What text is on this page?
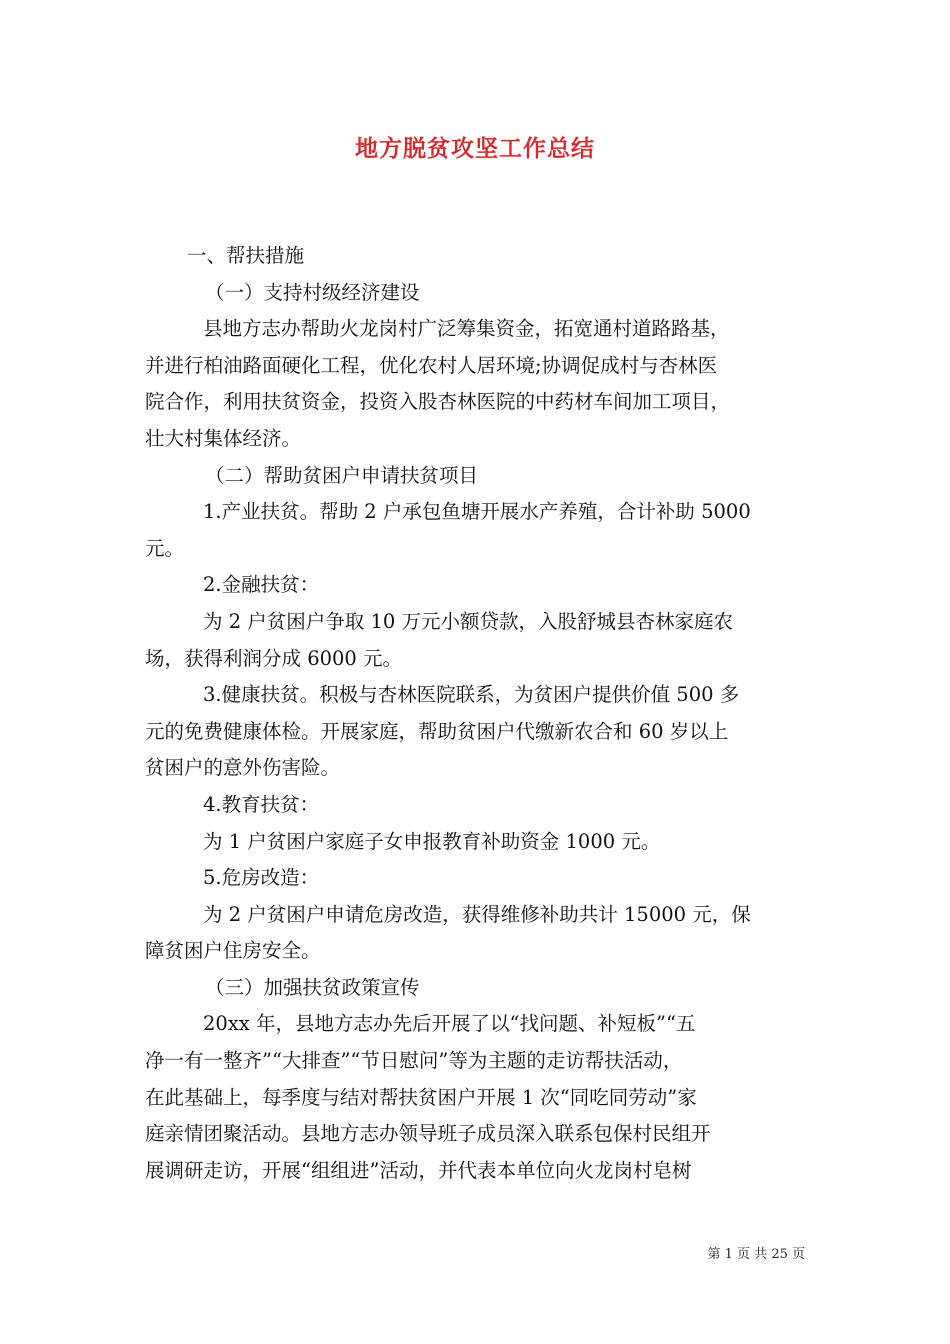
地方脱贫攻坚工作总结
一、帮扶措施
（一）支持村级经济建设
县地方志办帮助火龙岗村广泛筹集资金，拓宽通村道路路基，
并进行柏油路面硬化工程，优化农村人居环境;协调促成村与杏林医
院合作，利用扶贫资金，投资入股杏林医院的中药材车间加工项目，
壮大村集体经济。
（二）帮助贫困户申请扶贫项目
1.产业扶贫。帮助 2 户承包鱼塘开展水产养殖，合计补助 5000
元。
2.金融扶贫：
为 2 户贫困户争取 10 万元小额贷款，入股舒城县杏林家庭农
场，获得利润分成 6000 元。
3.健康扶贫。积极与杏林医院联系，为贫困户提供价值 500 多
元的免费健康体检。开展家庭，帮助贫困户代缴新农合和 60 岁以上
贫困户的意外伤害险。
4.教育扶贫：
为 1 户贫困户家庭子女申报教育补助资金 1000 元。
5.危房改造：
为 2 户贫困户申请危房改造，获得维修补助共计 15000 元，保
障贫困户住房安全。
（三）加强扶贫政策宣传
20xx 年，县地方志办先后开展了以“找问题、补短板”“五
净一有一整齐”“大排查”“节日慰问”等为主题的走访帮扶活动，
在此基础上，每季度与结对帮扶贫困户开展 1 次“同吃同劳动”家
庭亲情团聚活动。县地方志办领导班子成员深入联系包保村民组开
展调研走访，开展“组组进”活动，并代表本单位向火龙岗村皂树
第 1 页 共 25 页
